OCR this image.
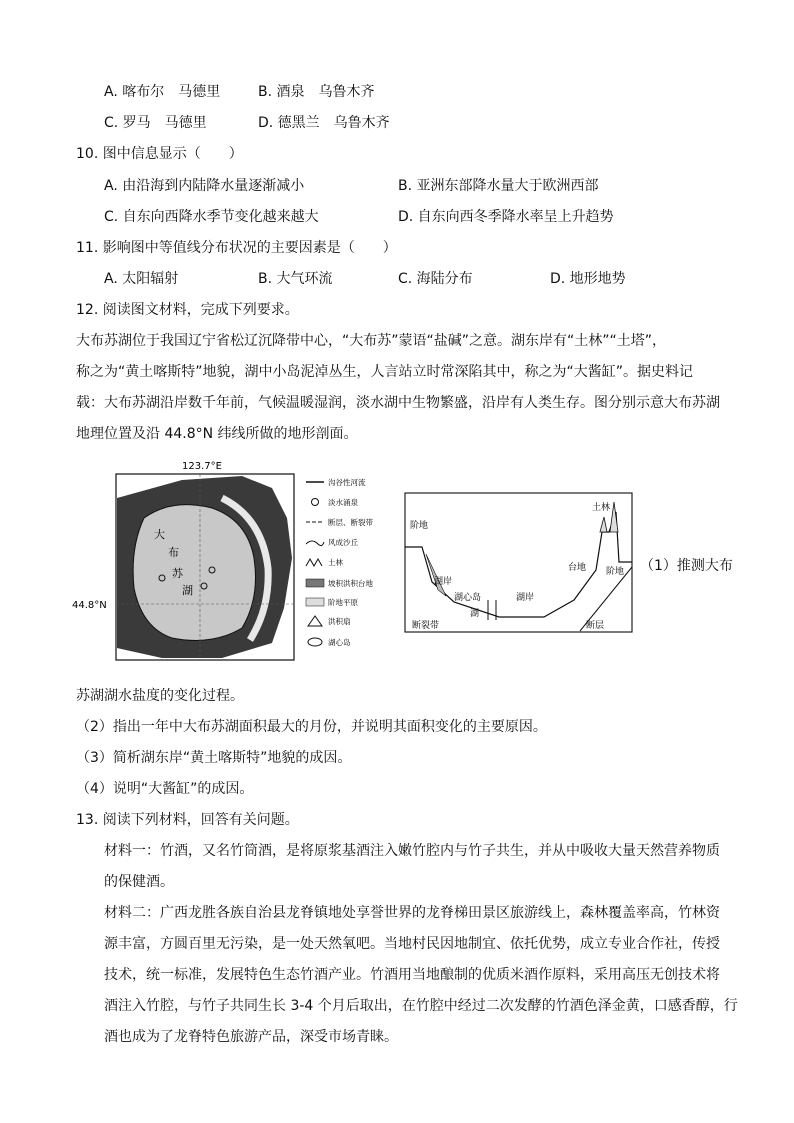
A. 喀布尔　马德里	B. 酒泉　乌鲁木齐
C. 罗马　马德里	D. 德黑兰　乌鲁木齐
10. 图中信息显示（　　）
A. 由沿海到内陆降水量逐渐减小	B. 亚洲东部降水量大于欧洲西部
C. 自东向西降水季节变化越来越大	D. 自东向西冬季降水率呈上升趋势
11. 影响图中等值线分布状况的主要因素是（　　）
A. 太阳辐射	B. 大气环流	C. 海陆分布	D. 地形地势
12. 阅读图文材料，完成下列要求。
大布苏湖位于我国辽宁省松辽沉降带中心，“大布苏”蒙语“盐碱”之意。湖东岸有“土林”“土塔”，
称之为“黄土喀斯特”地貌，湖中小岛泥淖丛生，人言站立时常深陷其中，称之为“大酱缸”。据史料记
载：大布苏湖沿岸数千年前，气候温暖湿润，淡水湖中生物繁盛，沿岸有人类生存。图分别示意大布苏湖
地理位置及沿 44.8°N 纬线所做的地形剖面。
123.7°E
大
布
苏
湖
44.8°N
沟谷性河流
淡水涌泉
断层、断裂带
风成沙丘
土林
坡积洪积台地
阶地平原
洪积扇
湖心岛
土林
阶地
阶地
台地
湖岸
湖岸
湖心岛
湖
断裂带	断层
（1）推测大布
苏湖湖水盐度的变化过程。
（2）指出一年中大布苏湖面积最大的月份，并说明其面积变化的主要原因。
（3）简析湖东岸“黄土喀斯特”地貌的成因。
（4）说明“大酱缸”的成因。
13. 阅读下列材料，回答有关问题。
材料一：竹酒，又名竹筒酒，是将原浆基酒注入嫩竹腔内与竹子共生，并从中吸收大量天然营养物质
的保健酒。
材料二：广西龙胜各族自治县龙脊镇地处享誉世界的龙脊梯田景区旅游线上，森林覆盖率高，竹林资
源丰富，方圆百里无污染，是一处天然氧吧。当地村民因地制宜、依托优势，成立专业合作社，传授
技术，统一标准，发展特色生态竹酒产业。竹酒用当地酿制的优质米酒作原料，采用高压无创技术将
酒注入竹腔，与竹子共同生长 3-4 个月后取出，在竹腔中经过二次发酵的竹酒色泽金黄，口感香醇，行
酒也成为了龙脊特色旅游产品，深受市场青睐。
